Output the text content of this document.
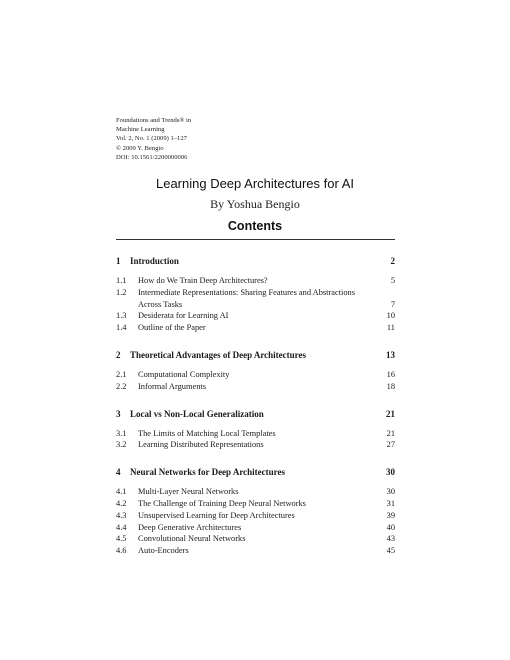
Foundations and Trends® in
Machine Learning
Vol. 2, No. 1 (2009) 1–127
© 2009 Y. Bengio
DOI: 10.1561/2200000006
Learning Deep Architectures for AI
By Yoshua Bengio
Contents
1	Introduction	2
1.1	How do We Train Deep Architectures?	5
1.2	Intermediate Representations: Sharing Features and Abstractions Across Tasks	7
1.3	Desiderata for Learning AI	10
1.4	Outline of the Paper	11
2	Theoretical Advantages of Deep Architectures	13
2.1	Computational Complexity	16
2.2	Informal Arguments	18
3	Local vs Non-Local Generalization	21
3.1	The Limits of Matching Local Templates	21
3.2	Learning Distributed Representations	27
4	Neural Networks for Deep Architectures	30
4.1	Multi-Layer Neural Networks	30
4.2	The Challenge of Training Deep Neural Networks	31
4.3	Unsupervised Learning for Deep Architectures	39
4.4	Deep Generative Architectures	40
4.5	Convolutional Neural Networks	43
4.6	Auto-Encoders	45
